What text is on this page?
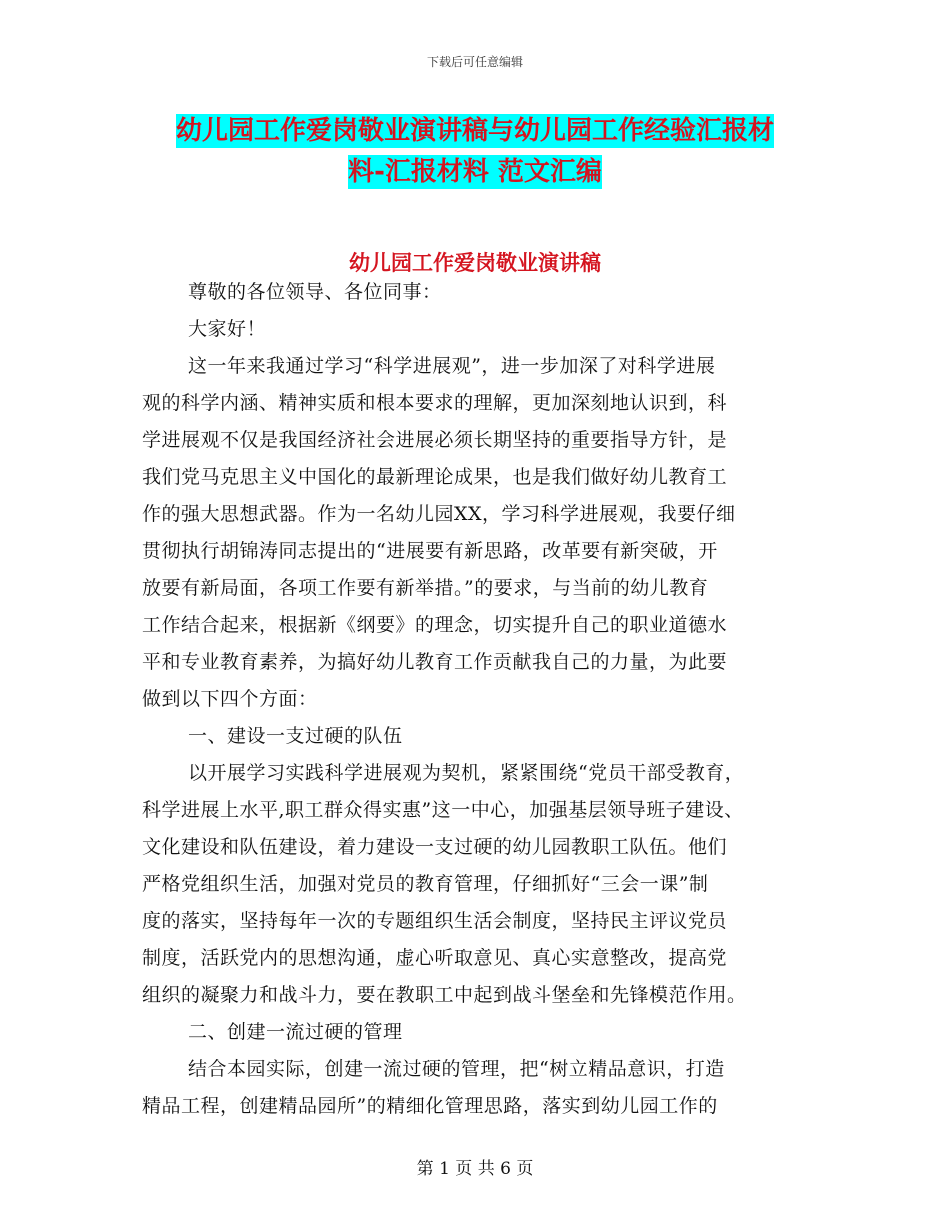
下载后可任意编辑
幼儿园工作爱岗敬业演讲稿与幼儿园工作经验汇报材
料-汇报材料 范文汇编
幼儿园工作爱岗敬业演讲稿
尊敬的各位领导、各位同事：
大家好！
这一年来我通过学习“科学进展观”，进一步加深了对科学进展
观的科学内涵、精神实质和根本要求的理解，更加深刻地认识到，科
学进展观不仅是我国经济社会进展必须长期坚持的重要指导方针，是
我们党马克思主义中国化的最新理论成果，也是我们做好幼儿教育工
作的强大思想武器。作为一名幼儿园XX，学习科学进展观，我要仔细
贯彻执行胡锦涛同志提出的“进展要有新思路，改革要有新突破，开
放要有新局面，各项工作要有新举措。”的要求，与当前的幼儿教育
工作结合起来，根据新《纲要》的理念，切实提升自己的职业道德水
平和专业教育素养，为搞好幼儿教育工作贡献我自己的力量，为此要
做到以下四个方面：
一、建设一支过硬的队伍
以开展学习实践科学进展观为契机，紧紧围绕“党员干部受教育，
科学进展上水平,职工群众得实惠”这一中心，加强基层领导班子建设、
文化建设和队伍建设，着力建设一支过硬的幼儿园教职工队伍。他们
严格党组织生活，加强对党员的教育管理，仔细抓好“三会一课”制
度的落实，坚持每年一次的专题组织生活会制度，坚持民主评议党员
制度，活跃党内的思想沟通，虚心听取意见、真心实意整改，提高党
组织的凝聚力和战斗力，要在教职工中起到战斗堡垒和先锋模范作用。
二、创建一流过硬的管理
结合本园实际，创建一流过硬的管理，把“树立精品意识，打造
精品工程，创建精品园所”的精细化管理思路，落实到幼儿园工作的
第 1 页 共 6 页
